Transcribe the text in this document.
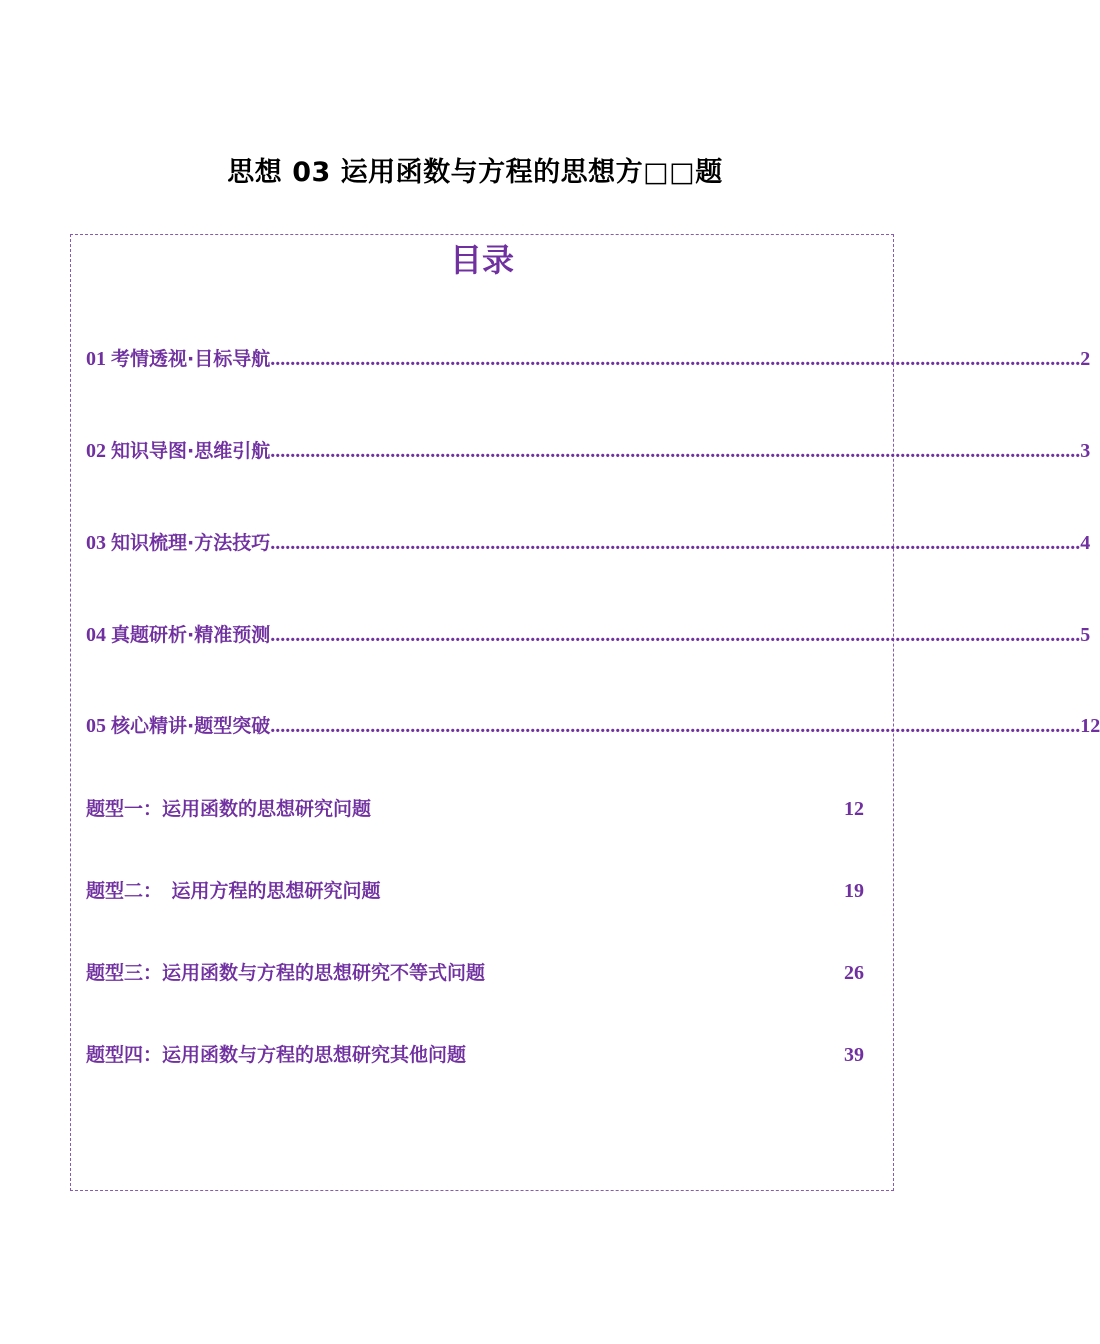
思想 03 运用函数与方程的思想方□□题
目录
01 考情透视·目标导航 .................................................................................................................................................................. 2
02 知识导图·思维引航 .................................................................................................................................................................. 3
03 知识梳理·方法技巧 .................................................................................................................................................................. 4
04 真题研析·精准预测 .................................................................................................................................................................. 5
05 核心精讲·题型突破 .................................................................................................................................................................. 12
题型一：运用函数的思想研究问题	12
题型二：　运用方程的思想研究问题	19
题型三：运用函数与方程的思想研究不等式问题	26
题型四：运用函数与方程的思想研究其他问题	39
